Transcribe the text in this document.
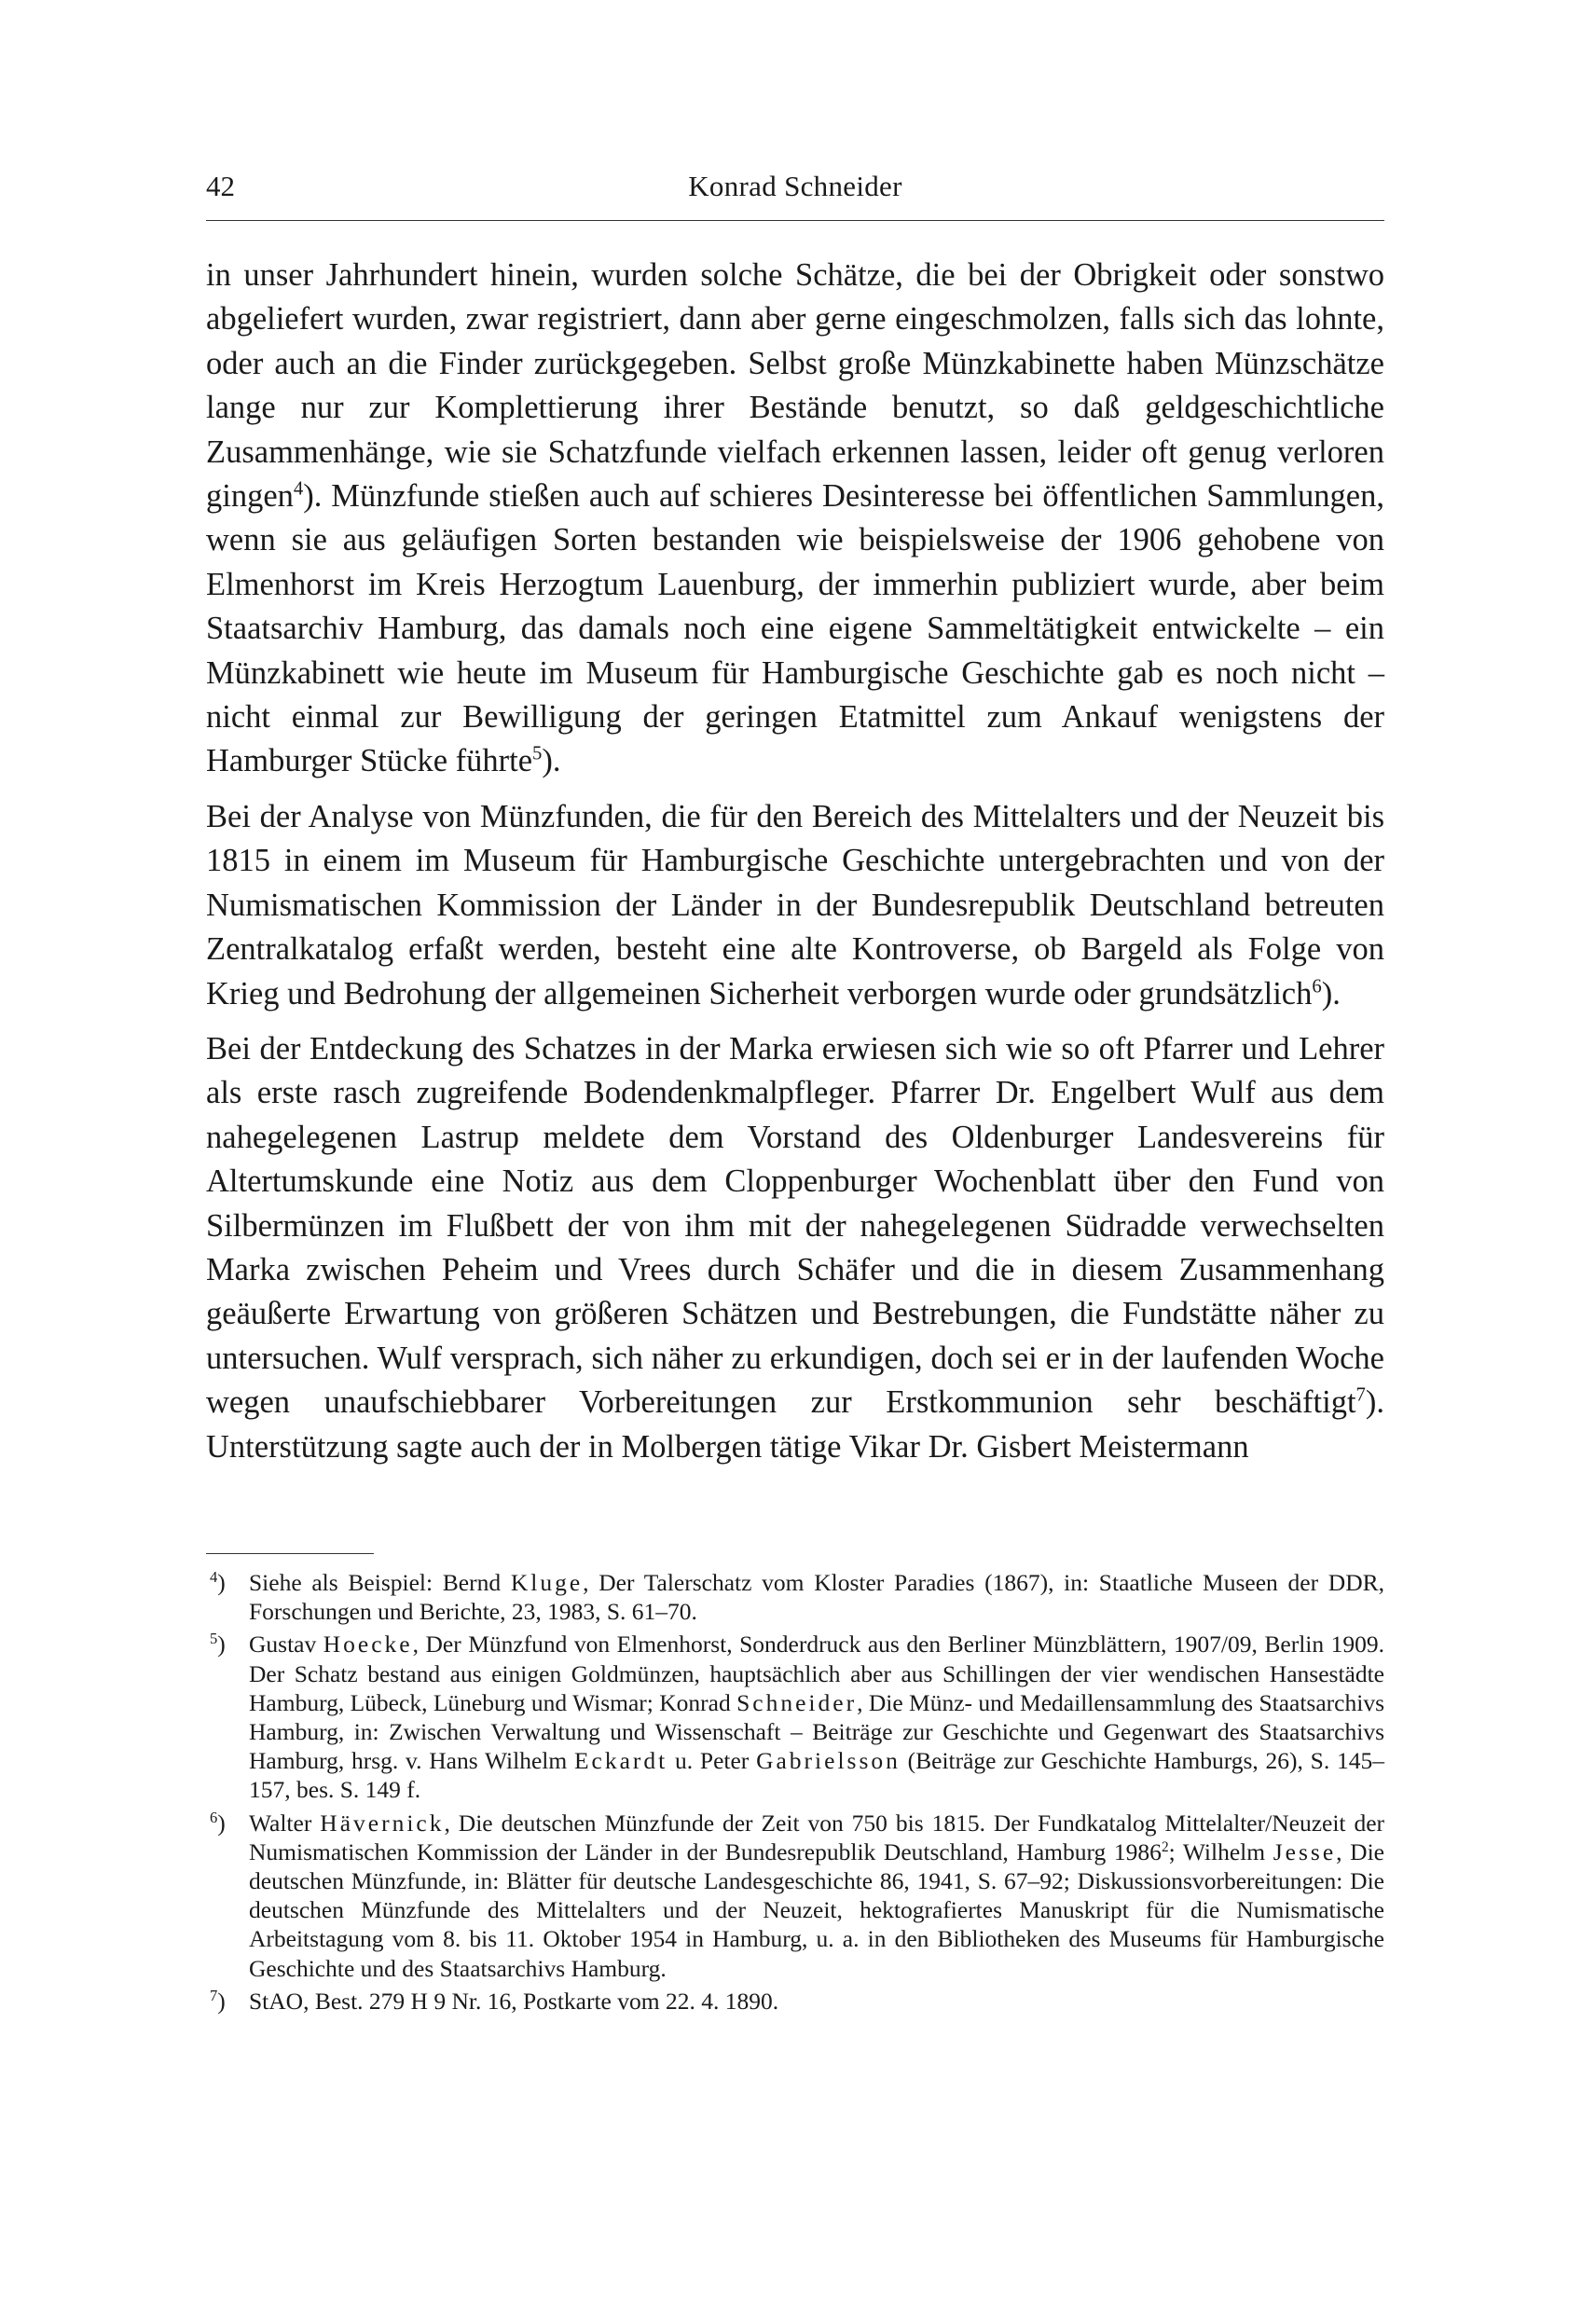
42	Konrad Schneider

in unser Jahrhundert hinein, wurden solche Schätze, die bei der Obrigkeit oder sonstwo abgeliefert wurden, zwar registriert, dann aber gerne eingeschmolzen, falls sich das lohnte, oder auch an die Finder zurückgegeben. Selbst große Münzkabinette haben Münzschätze lange nur zur Komplettierung ihrer Bestände benutzt, so daß geldgeschichtliche Zusammenhänge, wie sie Schatzfunde vielfach erkennen lassen, leider oft genug verloren gingen$^4$). Münzfunde stießen auch auf schieres Desinteresse bei öffentlichen Sammlungen, wenn sie aus geläufigen Sorten bestanden wie beispielsweise der 1906 gehobene von Elmenhorst im Kreis Herzogtum Lauenburg, der immerhin publiziert wurde, aber beim Staatsarchiv Hamburg, das damals noch eine eigene Sammeltätigkeit entwickelte – ein Münzkabinett wie heute im Museum für Hamburgische Geschichte gab es noch nicht – nicht einmal zur Bewilligung der geringen Etatmittel zum Ankauf wenigstens der Hamburger Stücke führte$^5$).

Bei der Analyse von Münzfunden, die für den Bereich des Mittelalters und der Neuzeit bis 1815 in einem im Museum für Hamburgische Geschichte untergebrachten und von der Numismatischen Kommission der Länder in der Bundesrepublik Deutschland betreuten Zentralkatalog erfaßt werden, besteht eine alte Kontroverse, ob Bargeld als Folge von Krieg und Bedrohung der allgemeinen Sicherheit verborgen wurde oder grundsätzlich$^6$).

Bei der Entdeckung des Schatzes in der Marka erwiesen sich wie so oft Pfarrer und Lehrer als erste rasch zugreifende Bodendenkmalpfleger. Pfarrer Dr. Engelbert Wulf aus dem nahegelegenen Lastrup meldete dem Vorstand des Oldenburger Landesvereins für Altertumskunde eine Notiz aus dem Cloppenburger Wochenblatt über den Fund von Silbermünzen im Flußbett der von ihm mit der nahegelegenen Südradde verwechselten Marka zwischen Peheim und Vrees durch Schäfer und die in diesem Zusammenhang geäußerte Erwartung von größeren Schätzen und Bestrebungen, die Fundstätte näher zu untersuchen. Wulf versprach, sich näher zu erkundigen, doch sei er in der laufenden Woche wegen unaufschiebbarer Vorbereitungen zur Erstkommunion sehr beschäftigt$^7$). Unterstützung sagte auch der in Molbergen tätige Vikar Dr. Gisbert Meistermann

$^4$) Siehe als Beispiel: Bernd Kluge, Der Talerschatz vom Kloster Paradies (1867), in: Staatliche Museen der DDR, Forschungen und Berichte, 23, 1983, S. 61–70.
$^5$) Gustav Hoecke, Der Münzfund von Elmenhorst, Sonderdruck aus den Berliner Münzblättern, 1907/09, Berlin 1909. Der Schatz bestand aus einigen Goldmünzen, hauptsächlich aber aus Schillingen der vier wendischen Hansestädte Hamburg, Lübeck, Lüneburg und Wismar; Konrad Schneider, Die Münz- und Medaillensammlung des Staatsarchivs Hamburg, in: Zwischen Verwaltung und Wissenschaft – Beiträge zur Geschichte und Gegenwart des Staatsarchivs Hamburg, hrsg. v. Hans Wilhelm Eckardt u. Peter Gabrielsson (Beiträge zur Geschichte Hamburgs, 26), S. 145–157, bes. S. 149 f.
$^6$) Walter Hävernick, Die deutschen Münzfunde der Zeit von 750 bis 1815. Der Fundkatalog Mittelalter/Neuzeit der Numismatischen Kommission der Länder in der Bundesrepublik Deutschland, Hamburg 1986$^2$; Wilhelm Jesse, Die deutschen Münzfunde, in: Blätter für deutsche Landesgeschichte 86, 1941, S. 67–92; Diskussionsvorbereitungen: Die deutschen Münzfunde des Mittelalters und der Neuzeit, hektografiertes Manuskript für die Numismatische Arbeitstagung vom 8. bis 11. Oktober 1954 in Hamburg, u. a. in den Bibliotheken des Museums für Hamburgische Geschichte und des Staatsarchivs Hamburg.
$^7$) StAO, Best. 279 H 9 Nr. 16, Postkarte vom 22. 4. 1890.
